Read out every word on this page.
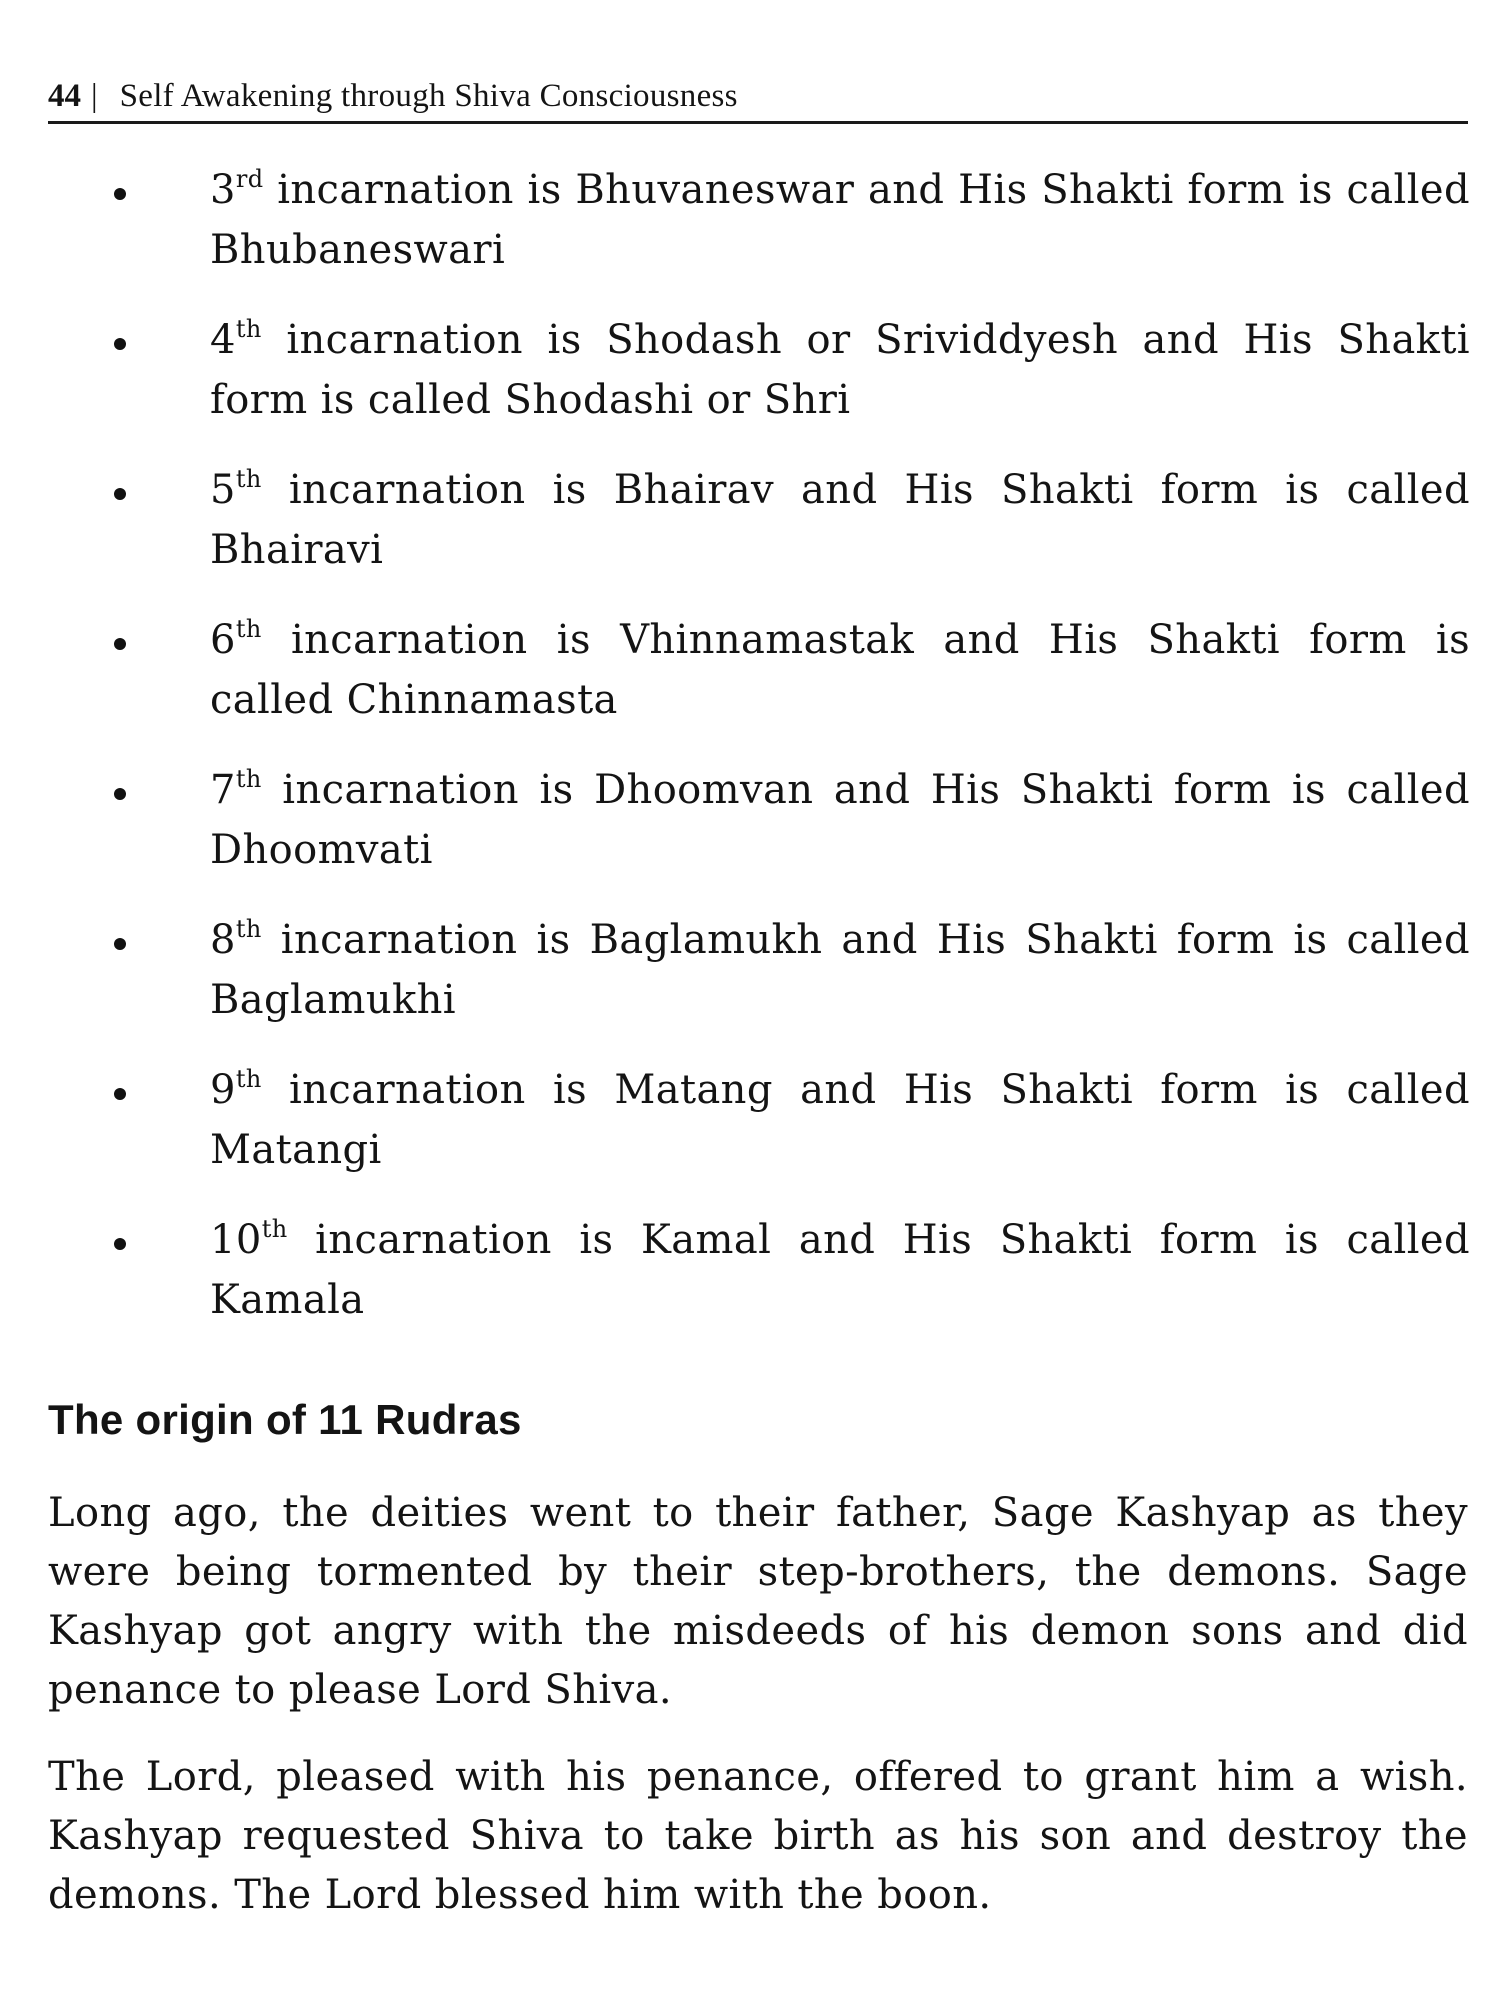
44 | Self Awakening through Shiva Consciousness
3rd incarnation is Bhuvaneswar and His Shakti form is called Bhubaneswari
4th incarnation is Shodash or Srividdyesh and His Shakti form is called Shodashi or Shri
5th incarnation is Bhairav and His Shakti form is called Bhairavi
6th incarnation is Vhinnamastak and His Shakti form is called Chinnamasta
7th incarnation is Dhoomvan and His Shakti form is called Dhoomvati
8th incarnation is Baglamukh and His Shakti form is called Baglamukhi
9th incarnation is Matang and His Shakti form is called Matangi
10th incarnation is Kamal and His Shakti form is called Kamala
The origin of 11 Rudras

Long ago, the deities went to their father, Sage Kashyap as they were being tormented by their step-brothers, the demons. Sage Kashyap got angry with the misdeeds of his demon sons and did penance to please Lord Shiva.

The Lord, pleased with his penance, offered to grant him a wish. Kashyap requested Shiva to take birth as his son and destroy the demons. The Lord blessed him with the boon.
